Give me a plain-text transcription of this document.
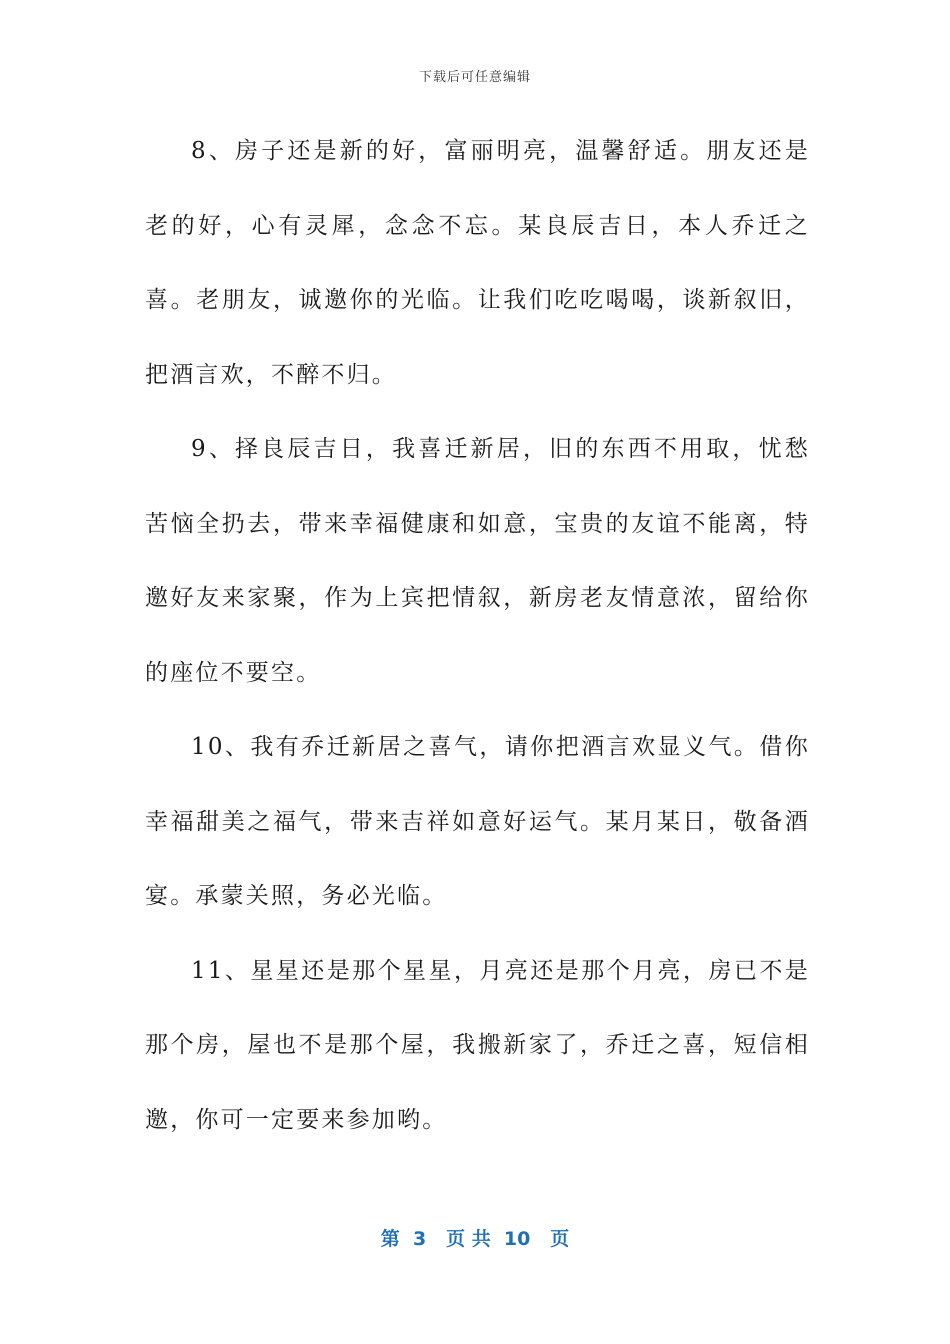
下载后可任意编辑

8、房子还是新的好，富丽明亮，温馨舒适。朋友还是老的好，心有灵犀，念念不忘。某良辰吉日，本人乔迁之喜。老朋友，诚邀你的光临。让我们吃吃喝喝，谈新叙旧，把酒言欢，不醉不归。

9、择良辰吉日，我喜迁新居，旧的东西不用取，忧愁苦恼全扔去，带来幸福健康和如意，宝贵的友谊不能离，特邀好友来家聚，作为上宾把情叙，新房老友情意浓，留给你的座位不要空。

10、我有乔迁新居之喜气，请你把酒言欢显义气。借你幸福甜美之福气，带来吉祥如意好运气。某月某日，敬备酒宴。承蒙关照，务必光临。

11、星星还是那个星星，月亮还是那个月亮，房已不是那个房，屋也不是那个屋，我搬新家了，乔迁之喜，短信相邀，你可一定要来参加哟。

第  3   页 共  10   页
